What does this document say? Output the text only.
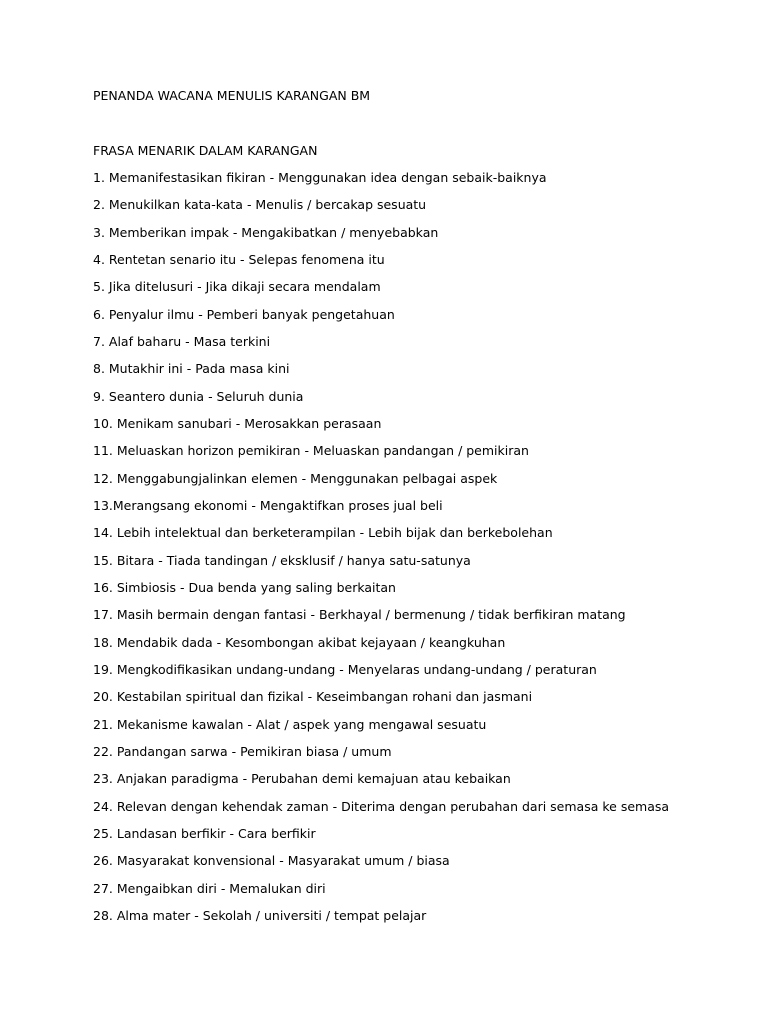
PENANDA WACANA MENULIS KARANGAN BM
FRASA MENARIK DALAM KARANGAN
1. Memanifestasikan fikiran - Menggunakan idea dengan sebaik-baiknya
2. Menukilkan kata-kata - Menulis / bercakap sesuatu
3. Memberikan impak - Mengakibatkan / menyebabkan
4. Rentetan senario itu - Selepas fenomena itu
5. Jika ditelusuri - Jika dikaji secara mendalam
6. Penyalur ilmu - Pemberi banyak pengetahuan
7. Alaf baharu - Masa terkini
8. Mutakhir ini - Pada masa kini
9. Seantero dunia - Seluruh dunia
10. Menikam sanubari - Merosakkan perasaan
11. Meluaskan horizon pemikiran - Meluaskan pandangan / pemikiran
12. Menggabungjalinkan elemen - Menggunakan pelbagai aspek
13.Merangsang ekonomi - Mengaktifkan proses jual beli
14. Lebih intelektual dan berketerampilan - Lebih bijak dan berkebolehan
15. Bitara - Tiada tandingan / eksklusif / hanya satu-satunya
16. Simbiosis - Dua benda yang saling berkaitan
17. Masih bermain dengan fantasi - Berkhayal / bermenung / tidak berfikiran matang
18. Mendabik dada - Kesombongan akibat kejayaan / keangkuhan
19. Mengkodifikasikan undang-undang - Menyelaras undang-undang / peraturan
20. Kestabilan spiritual dan fizikal - Keseimbangan rohani dan jasmani
21. Mekanisme kawalan - Alat / aspek yang mengawal sesuatu
22. Pandangan sarwa - Pemikiran biasa / umum
23. Anjakan paradigma - Perubahan demi kemajuan atau kebaikan
24. Relevan dengan kehendak zaman - Diterima dengan perubahan dari semasa ke semasa
25. Landasan berfikir - Cara berfikir
26. Masyarakat konvensional - Masyarakat umum / biasa
27. Mengaibkan diri - Memalukan diri
28. Alma mater - Sekolah / universiti / tempat pelajar
